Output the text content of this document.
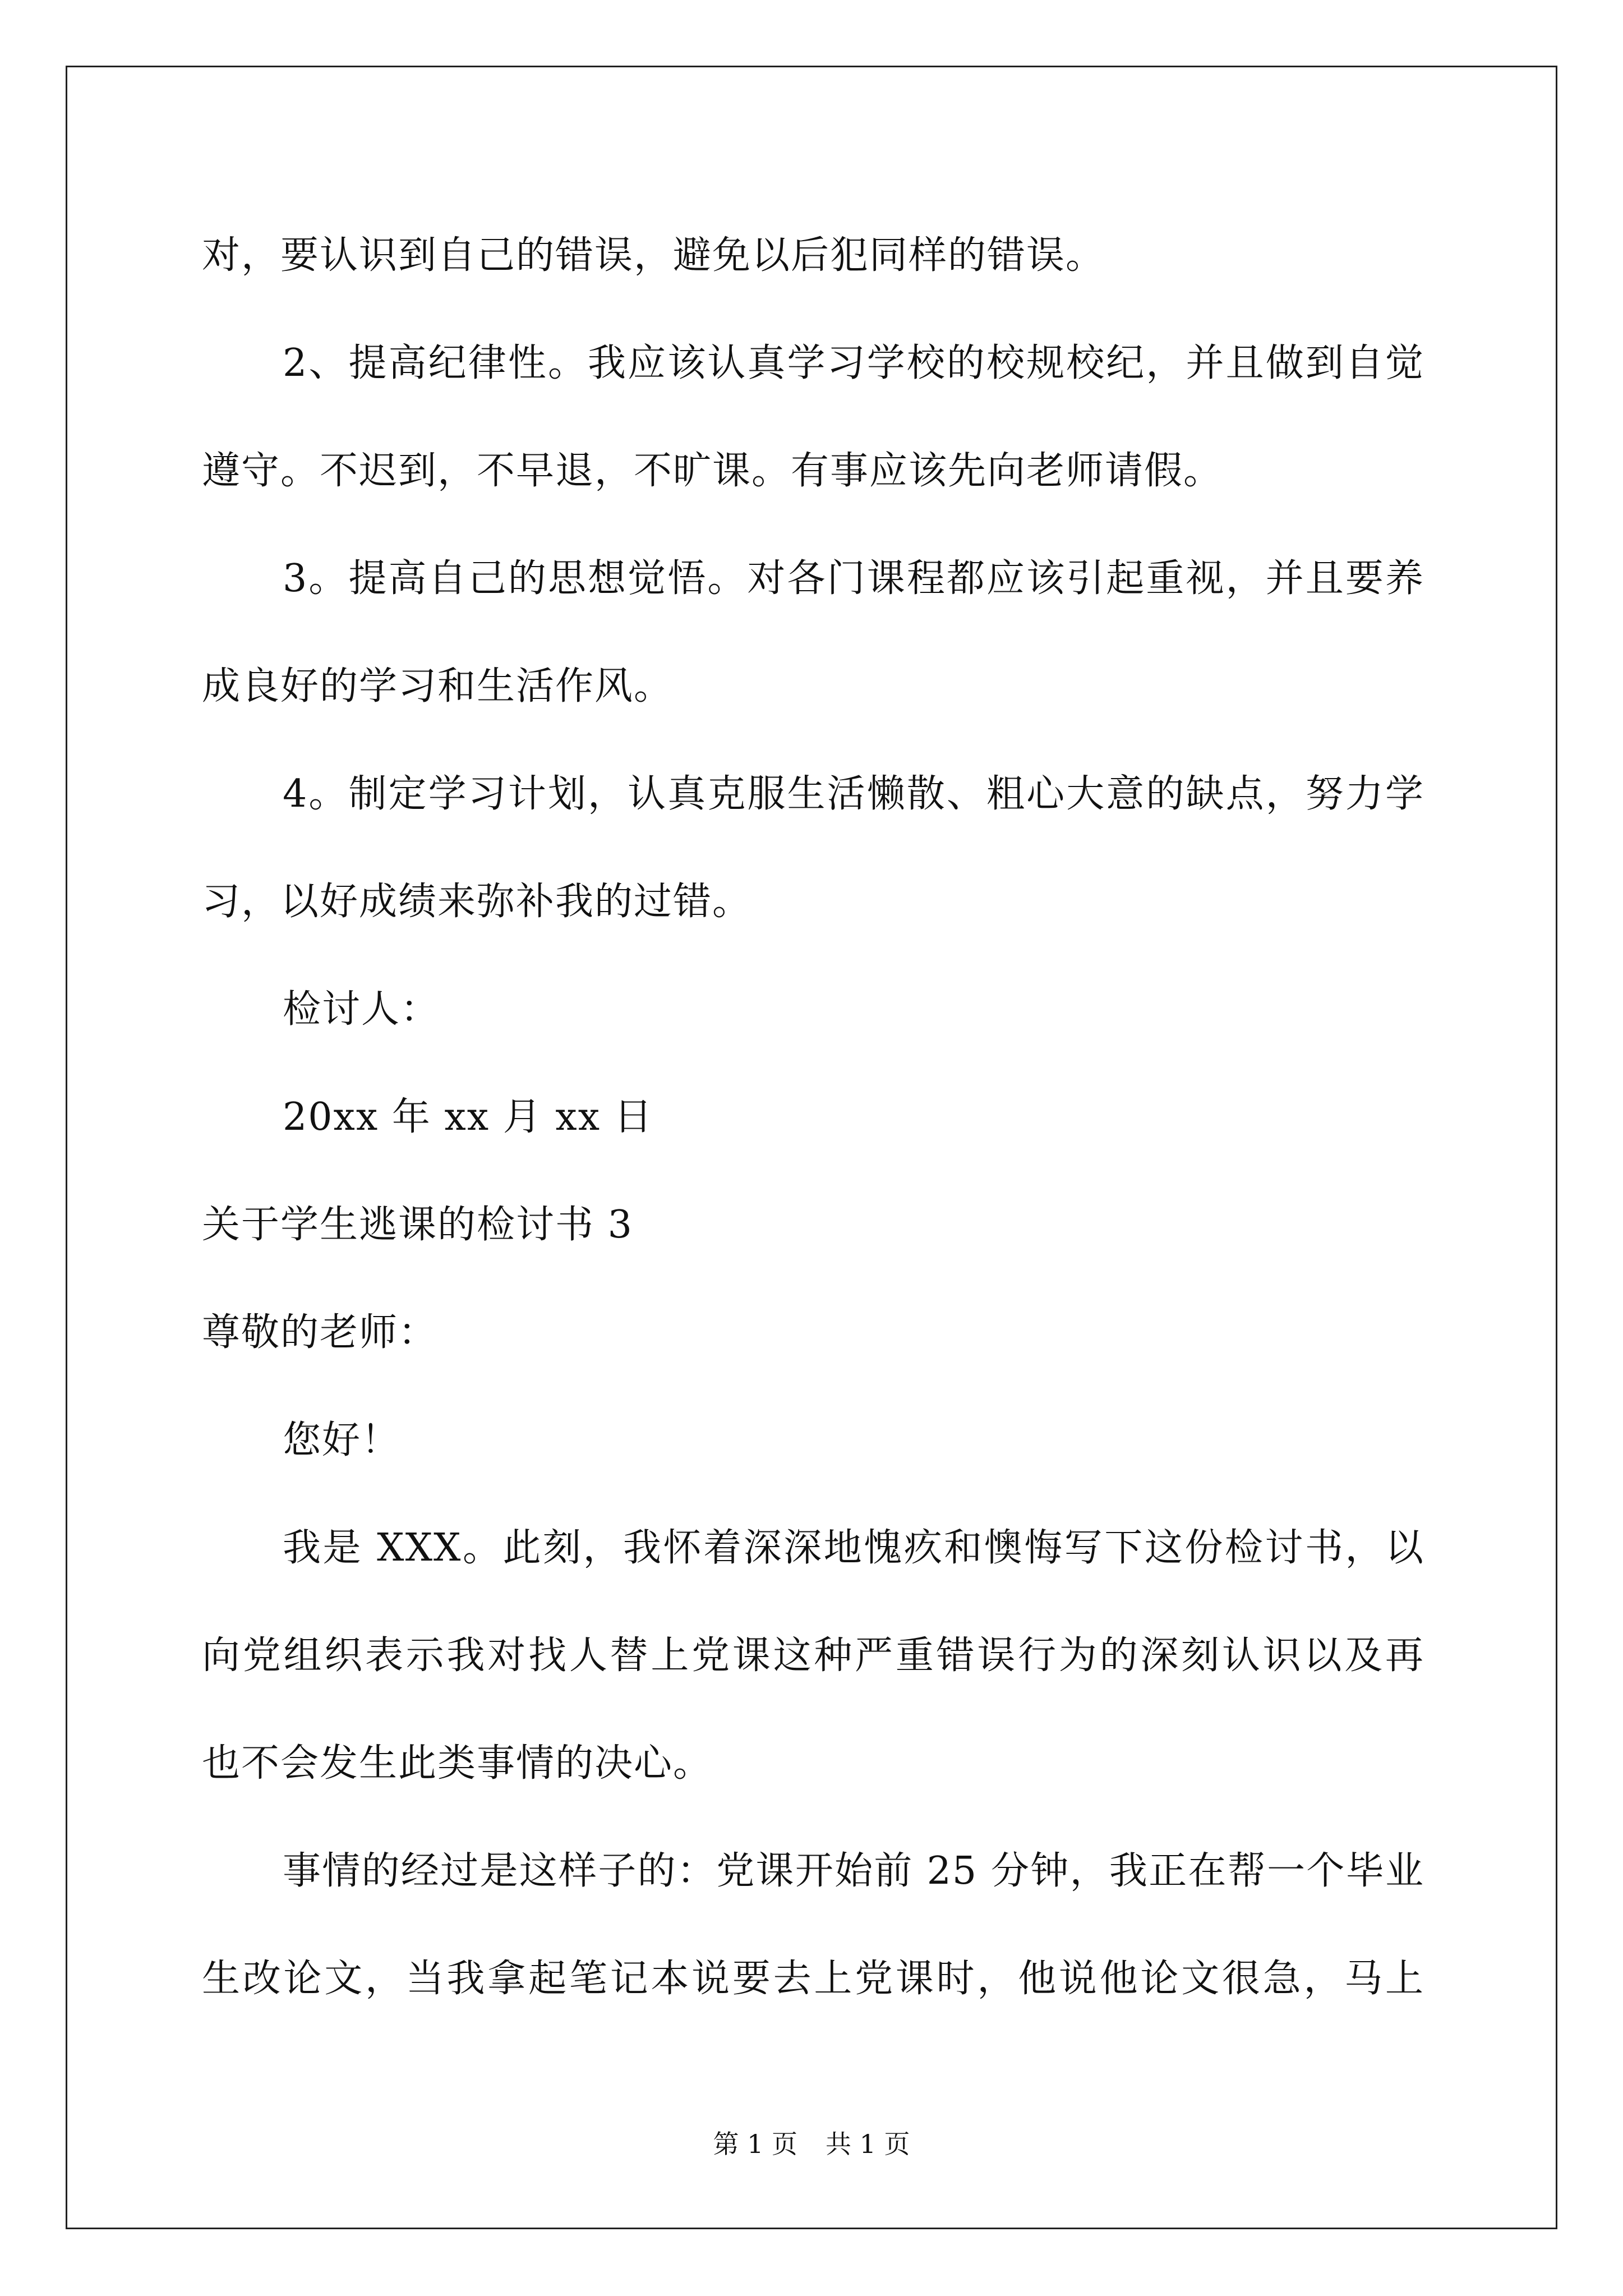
对，要认识到自己的错误，避免以后犯同样的错误。
2、提高纪律性。我应该认真学习学校的校规校纪，并且做到自觉
遵守。不迟到，不早退，不旷课。有事应该先向老师请假。
3。提高自己的思想觉悟。对各门课程都应该引起重视，并且要养
成良好的学习和生活作风。
4。制定学习计划，认真克服生活懒散、粗心大意的缺点，努力学
习，以好成绩来弥补我的过错。
检讨人：
20xx 年 xx 月 xx 日
关于学生逃课的检讨书 3
尊敬的老师：
您好！
我是 XXX。此刻，我怀着深深地愧疚和懊悔写下这份检讨书，以
向党组织表示我对找人替上党课这种严重错误行为的深刻认识以及再
也不会发生此类事情的决心。
事情的经过是这样子的：党课开始前 25 分钟，我正在帮一个毕业
生改论文，当我拿起笔记本说要去上党课时，他说他论文很急，马上
第 1 页 共 1 页
